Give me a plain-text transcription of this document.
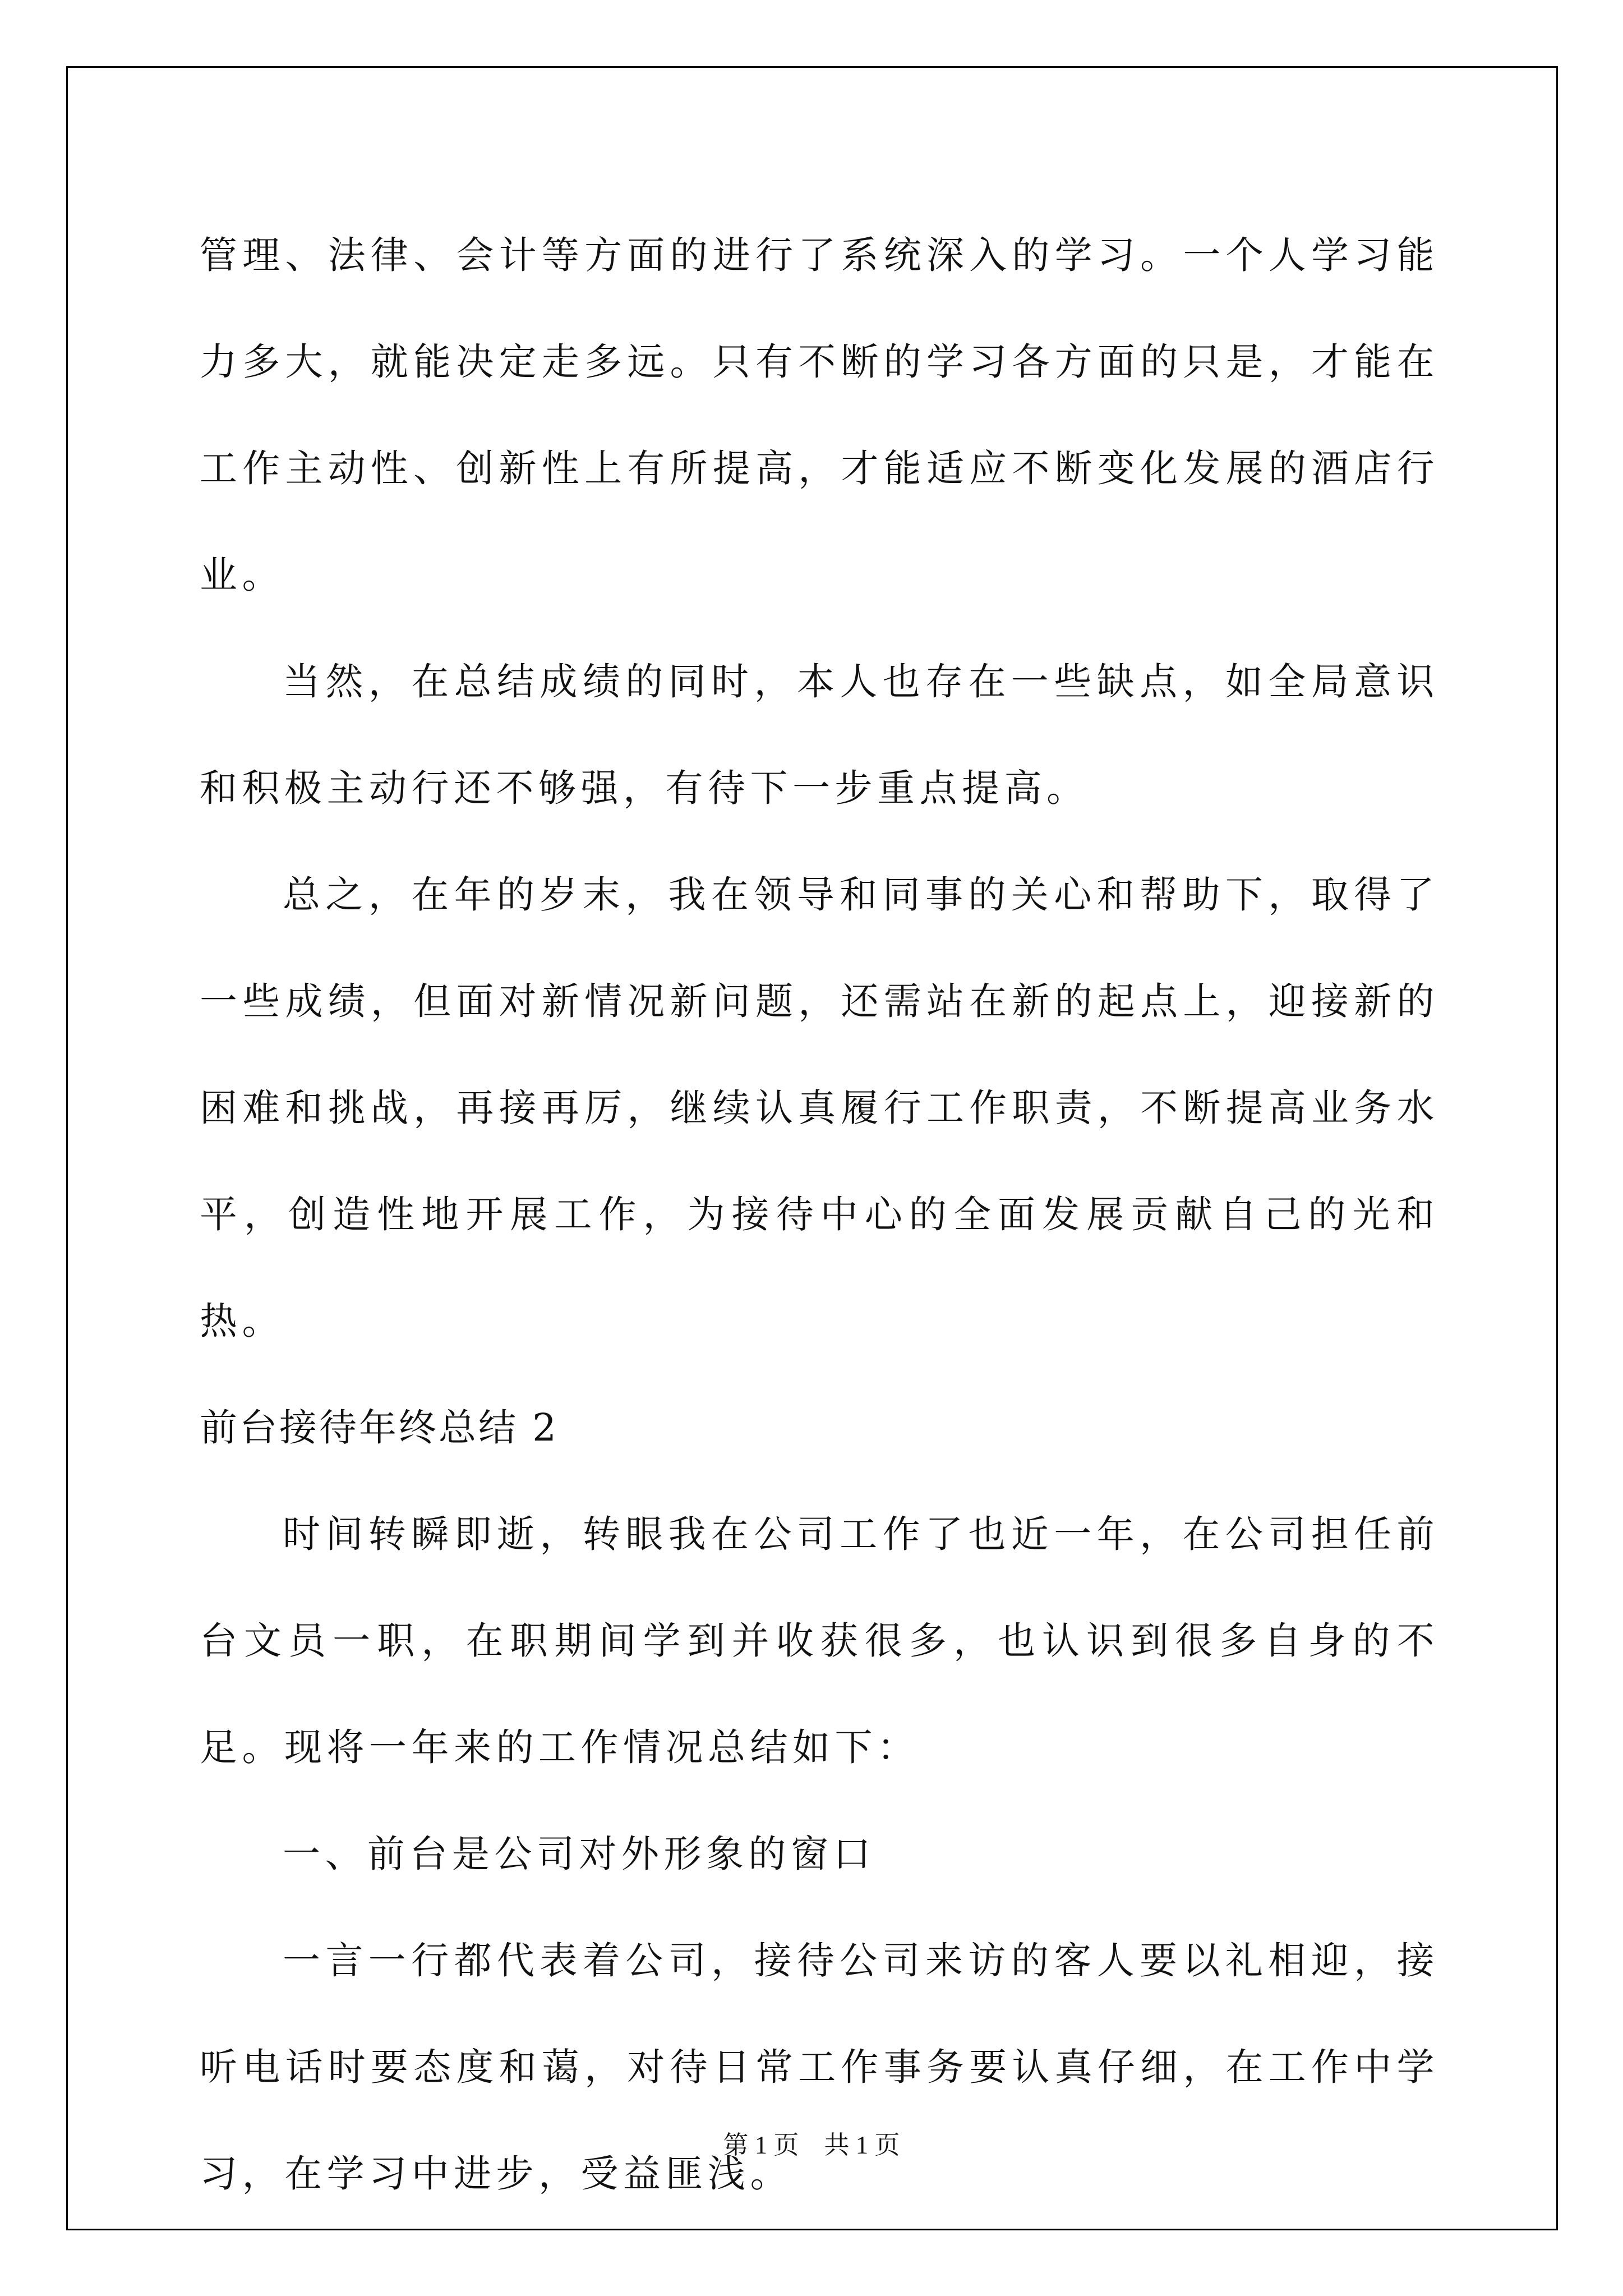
管理、法律、会计等方面的进行了系统深入的学习。一个人学习能力多大，就能决定走多远。只有不断的学习各方面的只是，才能在工作主动性、创新性上有所提高，才能适应不断变化发展的酒店行业。

当然，在总结成绩的同时，本人也存在一些缺点，如全局意识和积极主动行还不够强，有待下一步重点提高。

总之，在年的岁末，我在领导和同事的关心和帮助下，取得了一些成绩，但面对新情况新问题，还需站在新的起点上，迎接新的困难和挑战，再接再厉，继续认真履行工作职责，不断提高业务水平，创造性地开展工作，为接待中心的全面发展贡献自己的光和热。

前台接待年终总结 2

时间转瞬即逝，转眼我在公司工作了也近一年，在公司担任前台文员一职，在职期间学到并收获很多，也认识到很多自身的不足。现将一年来的工作情况总结如下：

一、前台是公司对外形象的窗口

一言一行都代表着公司，接待公司来访的客人要以礼相迎，接听电话时要态度和蔼，对待日常工作事务要认真仔细，在工作中学习，在学习中进步，受益匪浅。

第 1 页　共 1 页
